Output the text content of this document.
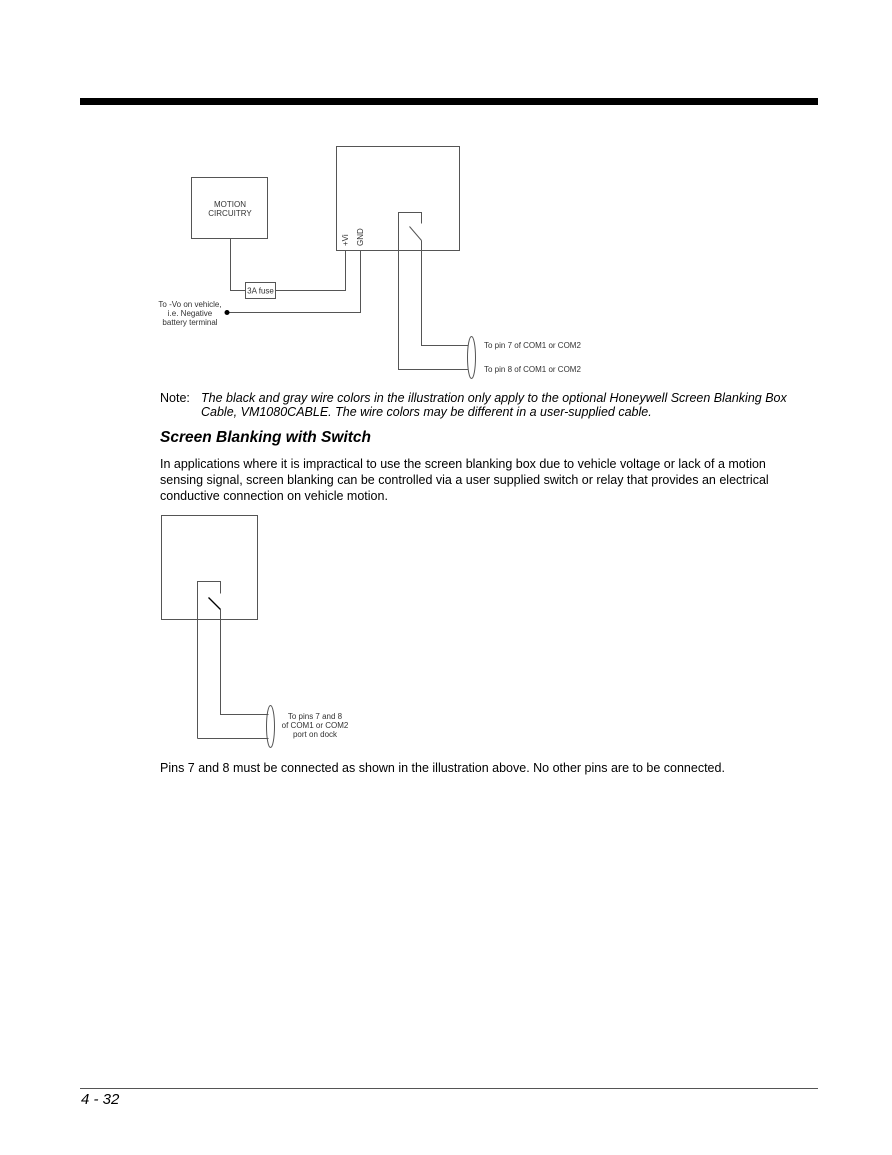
MOTION
CIRCUITRY
+Vi GND
3A fuse
To -Vo on vehicle,
i.e. Negative
battery terminal
To pin 7 of COM1 or COM2
To pin 8 of COM1 or COM2
To pins 7 and 8
of COM1 or COM2
port on dock
Note: The black and gray wire colors in the illustration only apply to the optional Honeywell Screen Blanking Box Cable, VM1080CABLE. The wire colors may be different in a user-supplied cable.
Screen Blanking with Switch

In applications where it is impractical to use the screen blanking box due to vehicle voltage or lack of a motion sensing signal, screen blanking can be controlled via a user supplied switch or relay that provides an electrical conductive connection on vehicle motion.

Pins 7 and 8 must be connected as shown in the illustration above. No other pins are to be connected.

4 - 32
